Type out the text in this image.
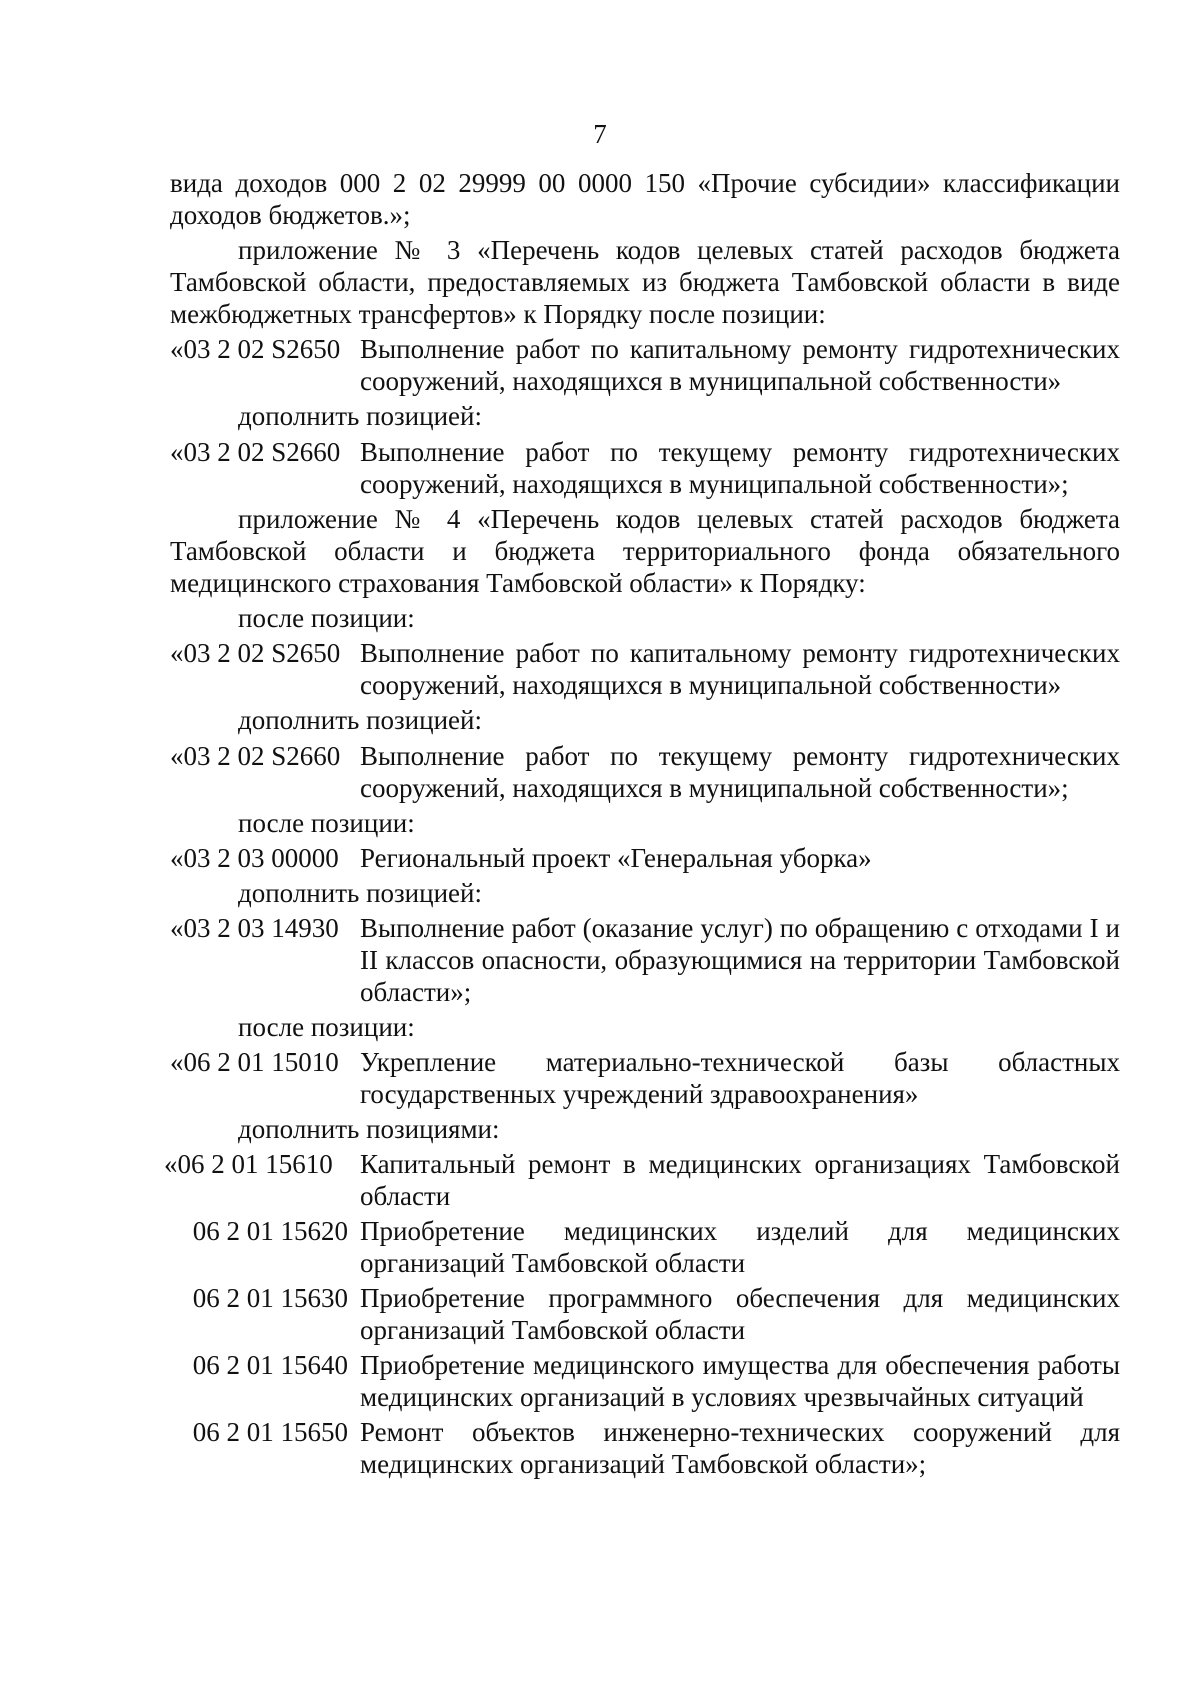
7

вида доходов 000 2 02 29999 00 0000 150 «Прочие субсидии» классификации доходов бюджетов.»;

приложение № 3 «Перечень кодов целевых статей расходов бюджета Тамбовской области, предоставляемых из бюджета Тамбовской области в виде межбюджетных трансфертов» к Порядку после позиции:

«03 2 02 S2650 Выполнение работ по капитальному ремонту гидротехнических сооружений, находящихся в муниципальной собственности»
дополнить позицией:
«03 2 02 S2660 Выполнение работ по текущему ремонту гидротехнических сооружений, находящихся в муниципальной собственности»;

приложение № 4 «Перечень кодов целевых статей расходов бюджета Тамбовской области и бюджета территориального фонда обязательного медицинского страхования Тамбовской области» к Порядку:

после позиции:
«03 2 02 S2650 Выполнение работ по капитальному ремонту гидротехнических сооружений, находящихся в муниципальной собственности»
дополнить позицией:
«03 2 02 S2660 Выполнение работ по текущему ремонту гидротехнических сооружений, находящихся в муниципальной собственности»;
после позиции:
«03 2 03 00000 Региональный проект «Генеральная уборка»
дополнить позицией:
«03 2 03 14930 Выполнение работ (оказание услуг) по обращению с отходами I и II классов опасности, образующимися на территории Тамбовской области»;
после позиции:
«06 2 01 15010 Укрепление материально-технической базы областных государственных учреждений здравоохранения»
дополнить позициями:
«06 2 01 15610	Капитальный ремонт в медицинских организациях Тамбовской области
06 2 01 15620 Приобретение медицинских изделий для медицинских организаций Тамбовской области
06 2 01 15630 Приобретение программного обеспечения для медицинских организаций Тамбовской области
06 2 01 15640 Приобретение медицинского имущества для обеспечения работы медицинских организаций в условиях чрезвычайных ситуаций
06 2 01 15650 Ремонт объектов инженерно-технических сооружений для медицинских организаций Тамбовской области»;
